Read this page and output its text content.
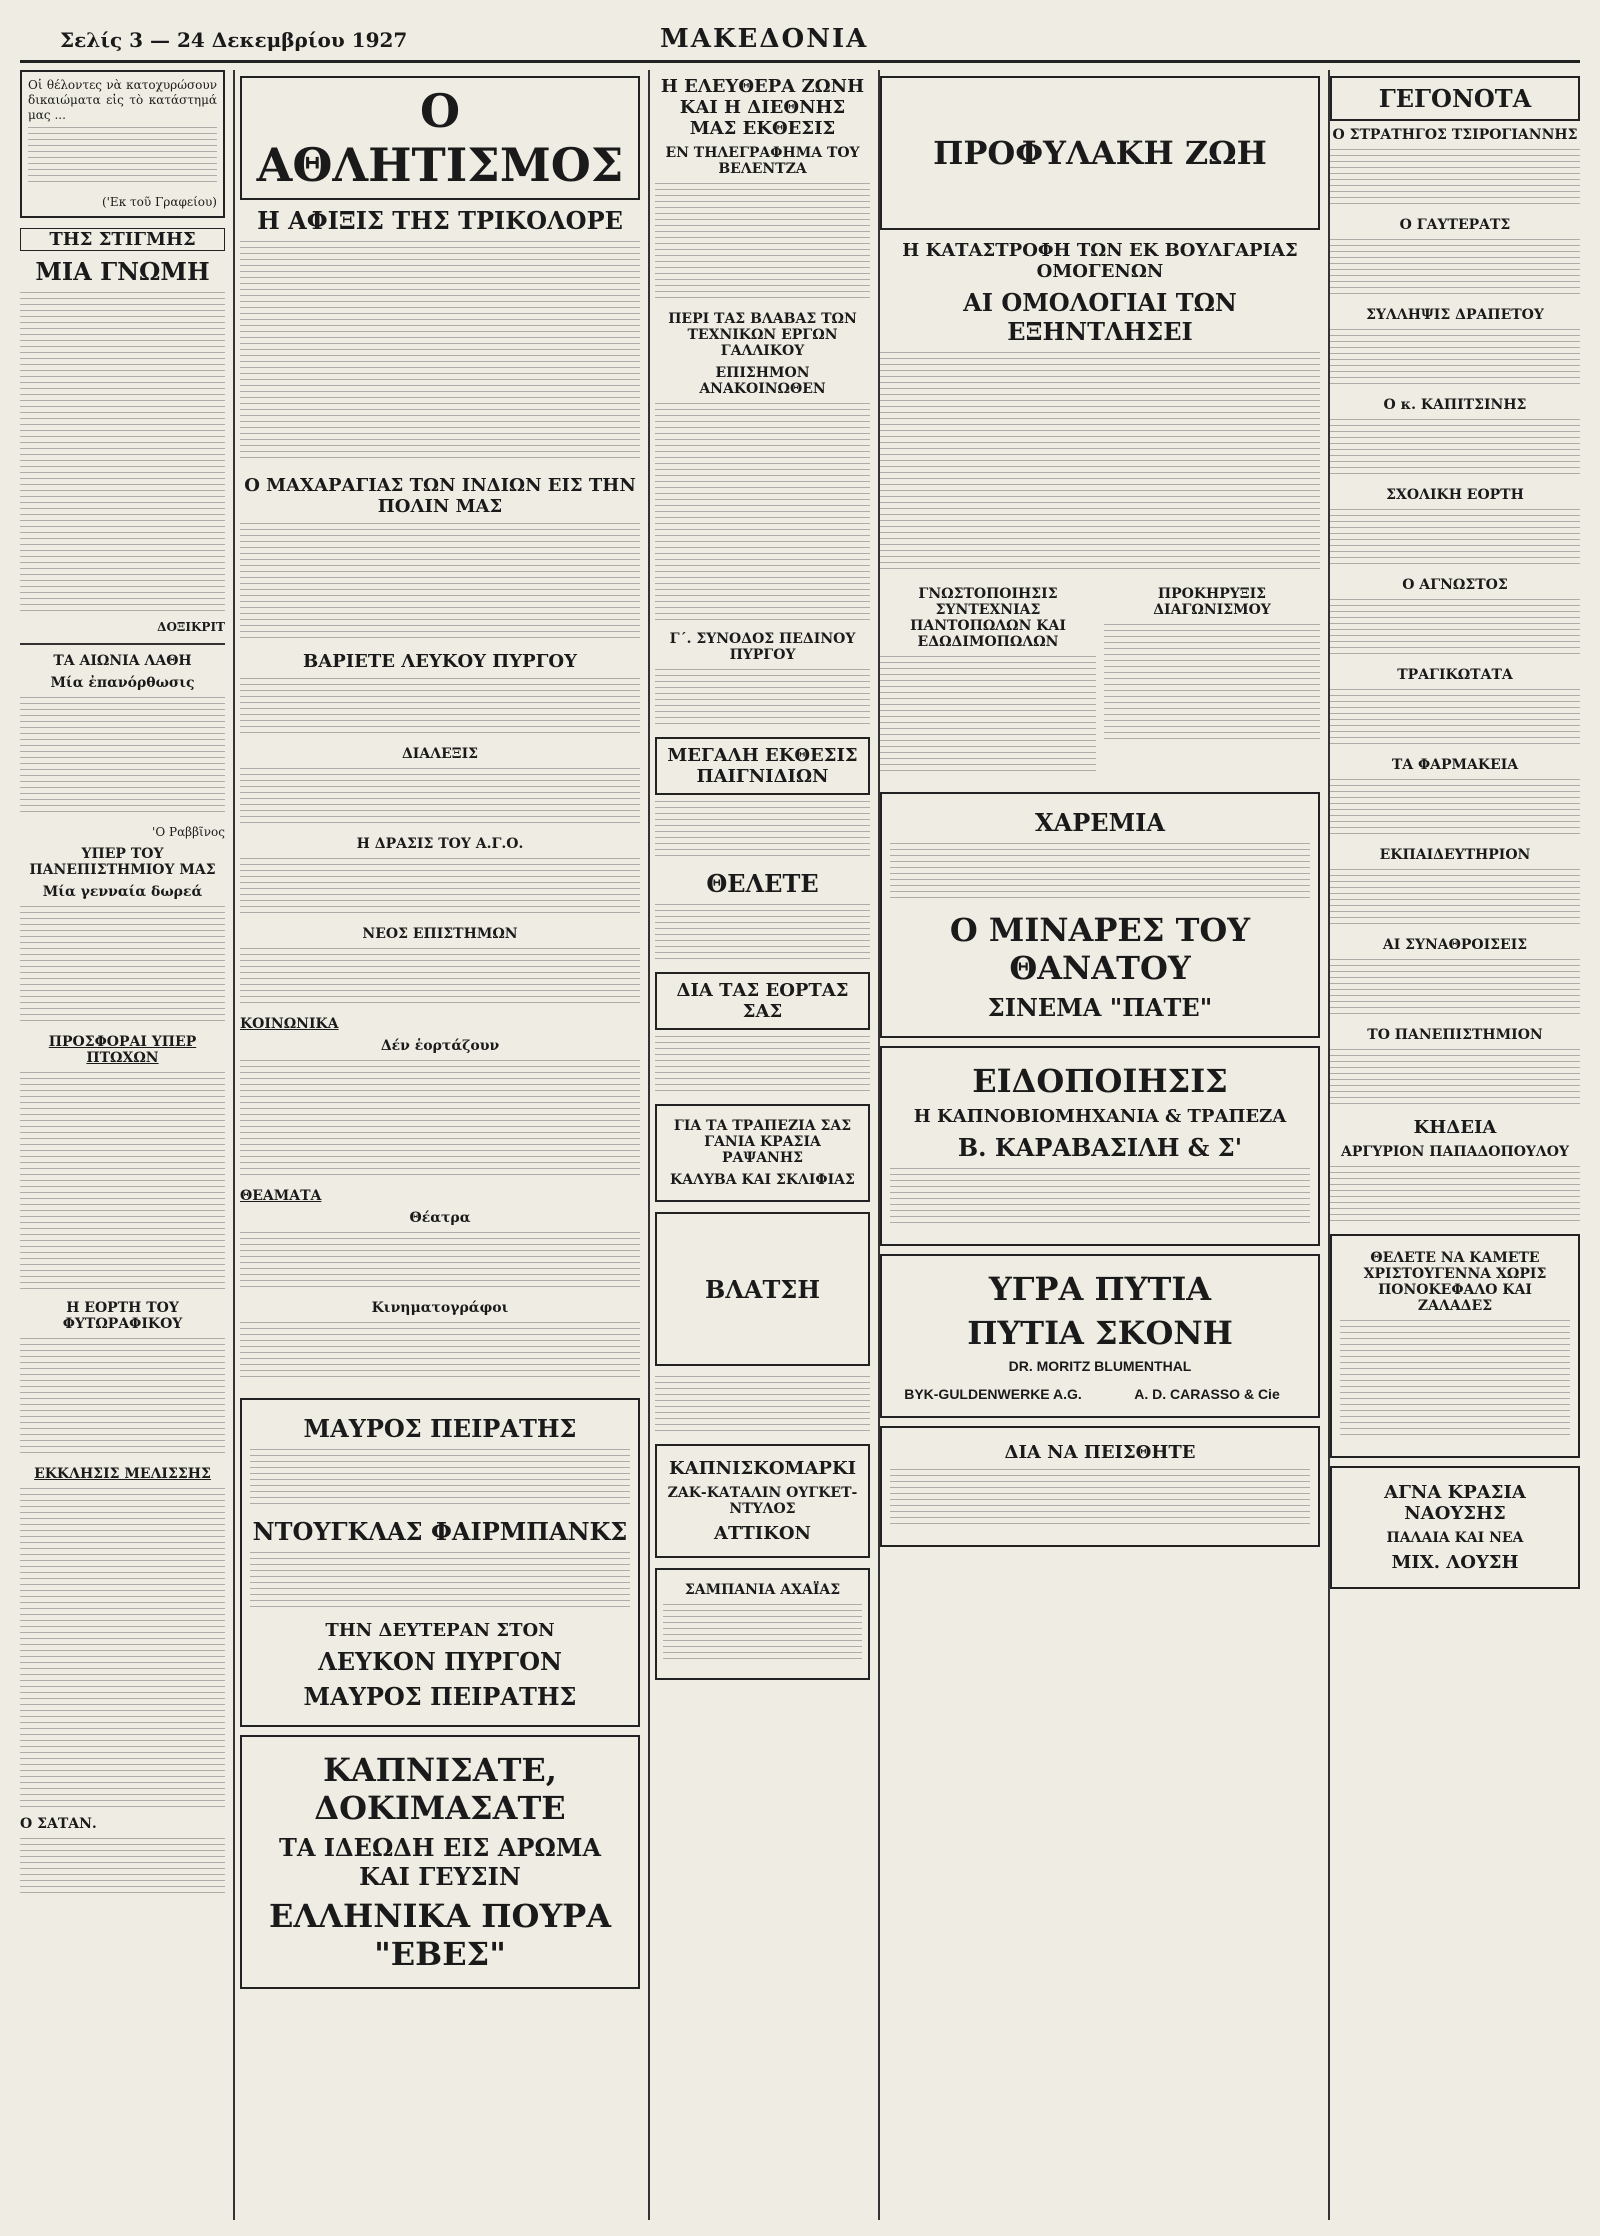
Σελίς 3 — 24 Δεκεμβρίου 1927	ΜΑΚΕΔΟΝΙΑ
Οἱ θέλοντες νὰ κατοχυρώσουν δικαιώματα εἰς τὸ κατάστημά μας ...
('Εκ τοῦ Γραφείου)
ΤΗΣ ΣΤΙΓΜΗΣ
ΜΙΑ ΓΝΩΜΗ
ΔΟΞΙΚΡΙΤ
ΤΑ ΑΙΩΝΙΑ ΛΑΘΗ
Μία ἐπανόρθωσις
'Ο Ραββῖνος
ΥΠΕΡ ΤΟΥ ΠΑΝΕΠΙΣΤΗΜΙΟΥ ΜΑΣ
Μία γενναία δωρεά
ΠΡΟΣΦΟΡΑΙ ΥΠΕΡ ΠΤΩΧΩΝ
Η ΕΟΡΤΗ ΤΟΥ ΦΥΤΩΡΑΦΙΚΟΥ
ΕΚΚΛΗΣΙΣ ΜΕΛΙΣΣΗΣ
Ο ΣΑΤΑΝ.
Ο ΑΘΛΗΤΙΣΜΟΣ
Η ΑΦΙΞΙΣ ΤΗΣ ΤΡΙΚΟΛΟΡΕ
Ο ΜΑΧΑΡΑΓΙΑΣ ΤΩΝ ΙΝΔΙΩΝ ΕΙΣ ΤΗΝ ΠΟΛΙΝ ΜΑΣ
ΒΑΡΙΕΤΕ ΛΕΥΚΟΥ ΠΥΡΓΟΥ
ΔΙΑΛΕΞΙΣ
Η ΔΡΑΣΙΣ ΤΟΥ Α.Γ.Ο.
ΝΕΟΣ ΕΠΙΣΤΗΜΩΝ
ΚΟΙΝΩΝΙΚΑ
Δέν ἑορτάζουν
ΘΕΑΜΑΤΑ
Θέατρα
Κινηματογράφοι
ΜΑΥΡΟΣ ΠΕΙΡΑΤΗΣ
ΝΤΟΥΓΚΛΑΣ ΦΑΙΡΜΠΑΝΚΣ
ΤΗΝ ΔΕΥΤΕΡΑΝ ΣΤΟΝ
ΛΕΥΚΟΝ ΠΥΡΓΟΝ
ΜΑΥΡΟΣ ΠΕΙΡΑΤΗΣ
ΚΑΠΝΙΣΑΤΕ, ΔΟΚΙΜΑΣΑΤΕ
ΤΑ ΙΔΕΩΔΗ ΕΙΣ ΑΡΩΜΑ ΚΑΙ ΓΕΥΣΙΝ
ΕΛΛΗΝΙΚΑ ΠΟΥΡΑ "ΕΒΕΣ"
Η ΕΛΕΥΘΕΡΑ ΖΩΝΗ ΚΑΙ Η ΔΙΕΘΝΗΣ ΜΑΣ ΕΚΘΕΣΙΣ
ΕΝ ΤΗΛΕΓΡΑΦΗΜΑ ΤΟΥ ΒΕΛΕΝΤΖΑ
ΠΕΡΙ ΤΑΣ ΒΛΑΒΑΣ ΤΩΝ ΤΕΧΝΙΚΩΝ ΕΡΓΩΝ ΓΑΛΛΙΚΟΥ
ΕΠΙΣΗΜΟΝ ΑΝΑΚΟΙΝΩΘΕΝ
Γ΄. ΣΥΝΟΔΟΣ ΠΕΔΙΝΟΥ ΠΥΡΓΟΥ
ΜΕΓΑΛΗ ΕΚΘΕΣΙΣ ΠΑΙΓΝΙΔΙΩΝ
ΘΕΛΕΤΕ
ΔΙΑ ΤΑΣ ΕΟΡΤΑΣ ΣΑΣ
ΓΙΑ ΤΑ ΤΡΑΠΕΖΙΑ ΣΑΣ ΓΑΝΙΑ ΚΡΑΣΙΑ ΡΑΨΑΝΗΣ
ΚΑΛΥΒΑ ΚΑΙ ΣΚΛΙΦΙΑΣ
ΒΛΑΤΣΗ
ΚΑΠΝΙΣΚΟΜΑΡΚΙ
ΖΑΚ-ΚΑΤΑΛΙΝ ΟΥΓΚΕΤ-ΝΤΥΛΟΣ
ΑΤΤΙΚΟΝ
ΣΑΜΠΑΝΙΑ ΑΧΑΪΑΣ
ΠΡΟΦΥΛΑΚΗ ΖΩΗ
Η ΚΑΤΑΣΤΡΟΦΗ ΤΩΝ ΕΚ ΒΟΥΛΓΑΡΙΑΣ ΟΜΟΓΕΝΩΝ
ΑΙ ΟΜΟΛΟΓΙΑΙ ΤΩΝ ΕΞΗΝΤΛΗΣΕΙ
ΓΝΩΣΤΟΠΟΙΗΣΙΣ ΣΥΝΤΕΧΝΙΑΣ ΠΑΝΤΟΠΩΛΩΝ ΚΑΙ ΕΔΩΔΙΜΟΠΩΛΩΝ
ΠΡΟΚΗΡΥΞΙΣ ΔΙΑΓΩΝΙΣΜΟΥ
ΧΑΡΕΜΙΑ
Ο ΜΙΝΑΡΕΣ ΤΟΥ ΘΑΝΑΤΟΥ
ΣΙΝΕΜΑ "ΠΑΤΕ"
ΕΙΔΟΠΟΙΗΣΙΣ
Η ΚΑΠΝΟΒΙΟΜΗΧΑΝΙΑ & ΤΡΑΠΕΖΑ
Β. ΚΑΡΑΒΑΣΙΛΗ & Σ'
ΥΓΡΑ ΠΥΤΙΑ
ΠΥΤΙΑ ΣΚΟΝΗ
DR. MORITZ BLUMENTHAL
BYK-GULDENWERKE A.G.	A. D. CARASSO & Cie
ΔΙΑ ΝΑ ΠΕΙΣΘΗΤΕ
ΓΕΓΟΝΟΤΑ
Ο ΣΤΡΑΤΗΓΟΣ ΤΣΙΡΟΓΙΑΝΝΗΣ
Ο ΓΑΥΤΕΡΑΤΣ
ΣΥΛΛΗΨΙΣ ΔΡΑΠΕΤΟΥ
Ο κ. ΚΑΠΙΤΣΙΝΗΣ
ΣΧΟΛΙΚΗ ΕΟΡΤΗ
Ο ΑΓΝΩΣΤΟΣ
ΤΡΑΓΙΚΩΤΑΤΑ
ΤΑ ΦΑΡΜΑΚΕΙΑ
ΕΚΠΑΙΔΕΥΤΗΡΙΟΝ
ΑΙ ΣΥΝΑΘΡΟΙΣΕΙΣ
ΤΟ ΠΑΝΕΠΙΣΤΗΜΙΟΝ
ΚΗΔΕΙΑ
ΑΡΓΥΡΙΟΝ ΠΑΠΑΔΟΠΟΥΛΟΥ
ΘΕΛΕΤΕ ΝΑ ΚΑΜΕΤΕ ΧΡΙΣΤΟΥΓΕΝΝΑ ΧΩΡΙΣ ΠΟΝΟΚΕΦΑΛΟ ΚΑΙ ΖΑΛΑΔΕΣ
ΑΓΝΑ ΚΡΑΣΙΑ ΝΑΟΥΣΗΣ
ΠΑΛΑΙΑ ΚΑΙ ΝΕΑ
ΜΙΧ. ΛΟΥΣΗ
